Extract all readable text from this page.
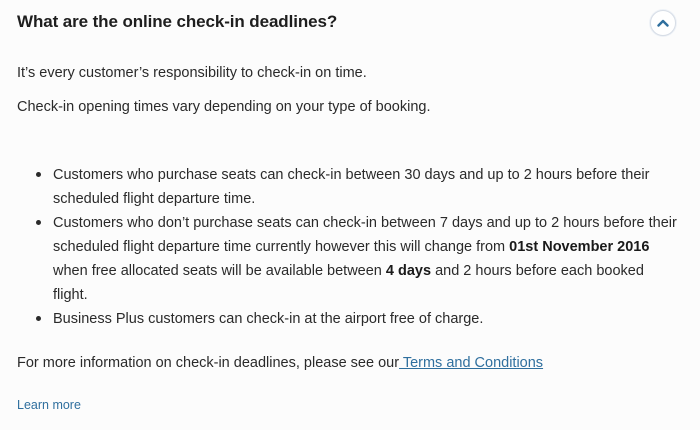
What are the online check-in deadlines?

It’s every customer’s responsibility to check-in on time.

Check-in opening times vary depending on your type of booking.

Customers who purchase seats can check-in between 30 days and up to 2 hours before their scheduled flight departure time.
Customers who don’t purchase seats can check-in between 7 days and up to 2 hours before their scheduled flight departure time currently however this will change from 01st November 2016 when free allocated seats will be available between 4 days and 2 hours before each booked flight.
Business Plus customers can check-in at the airport free of charge.

For more information on check-in deadlines, please see our Terms and Conditions

Learn more
